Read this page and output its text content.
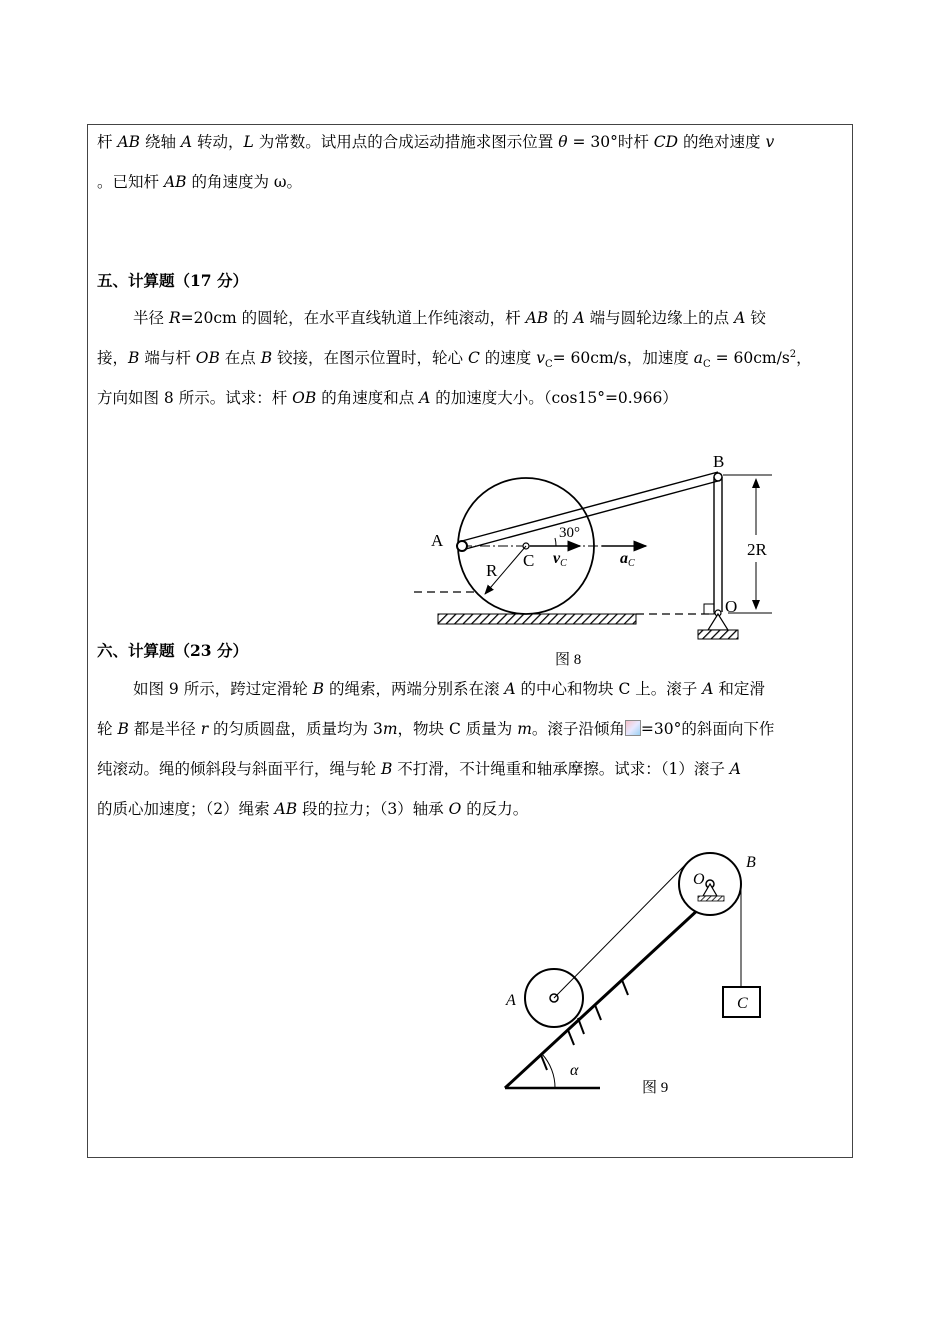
杆 AB 绕轴 A 转动，L 为常数。试用点的合成运动措施求图示位置 θ = 30°时杆 CD 的绝对速度 v
。已知杆 AB 的角速度为 ω。
五、计算题（17 分）
半径 R=20cm 的圆轮，在水平直线轨道上作纯滚动，杆 AB 的 A 端与圆轮边缘上的点 A 铰
接，B 端与杆 OB 在点 B 铰接，在图示位置时，轮心 C 的速度 $v_C= 60cm/s$，加速度 $a_C = 60cm/s^2$，
方向如图 8 所示。试求：杆 OB 的角速度和点 A 的加速度大小。（cos15°=0.966）
B
A
C
R
O
2R
30°
vC	aC
图 8
六、计算题（23 分）
如图 9 所示，跨过定滑轮 B 的绳索，两端分别系在滚 A 的中心和物块 C 上。滚子 A 和定滑
轮 B 都是半径 r 的匀质圆盘，质量均为 3m，物块 C 质量为 m。滚子沿倾角 =30°的斜面向下作
纯滚动。绳的倾斜段与斜面平行，绳与轮 B 不打滑，不计绳重和轴承摩擦。试求：（1）滚子 A
的质心加速度；（2）绳索 AB 段的拉力；（3）轴承 O 的反力。
O
B
A	C
α
图 9
